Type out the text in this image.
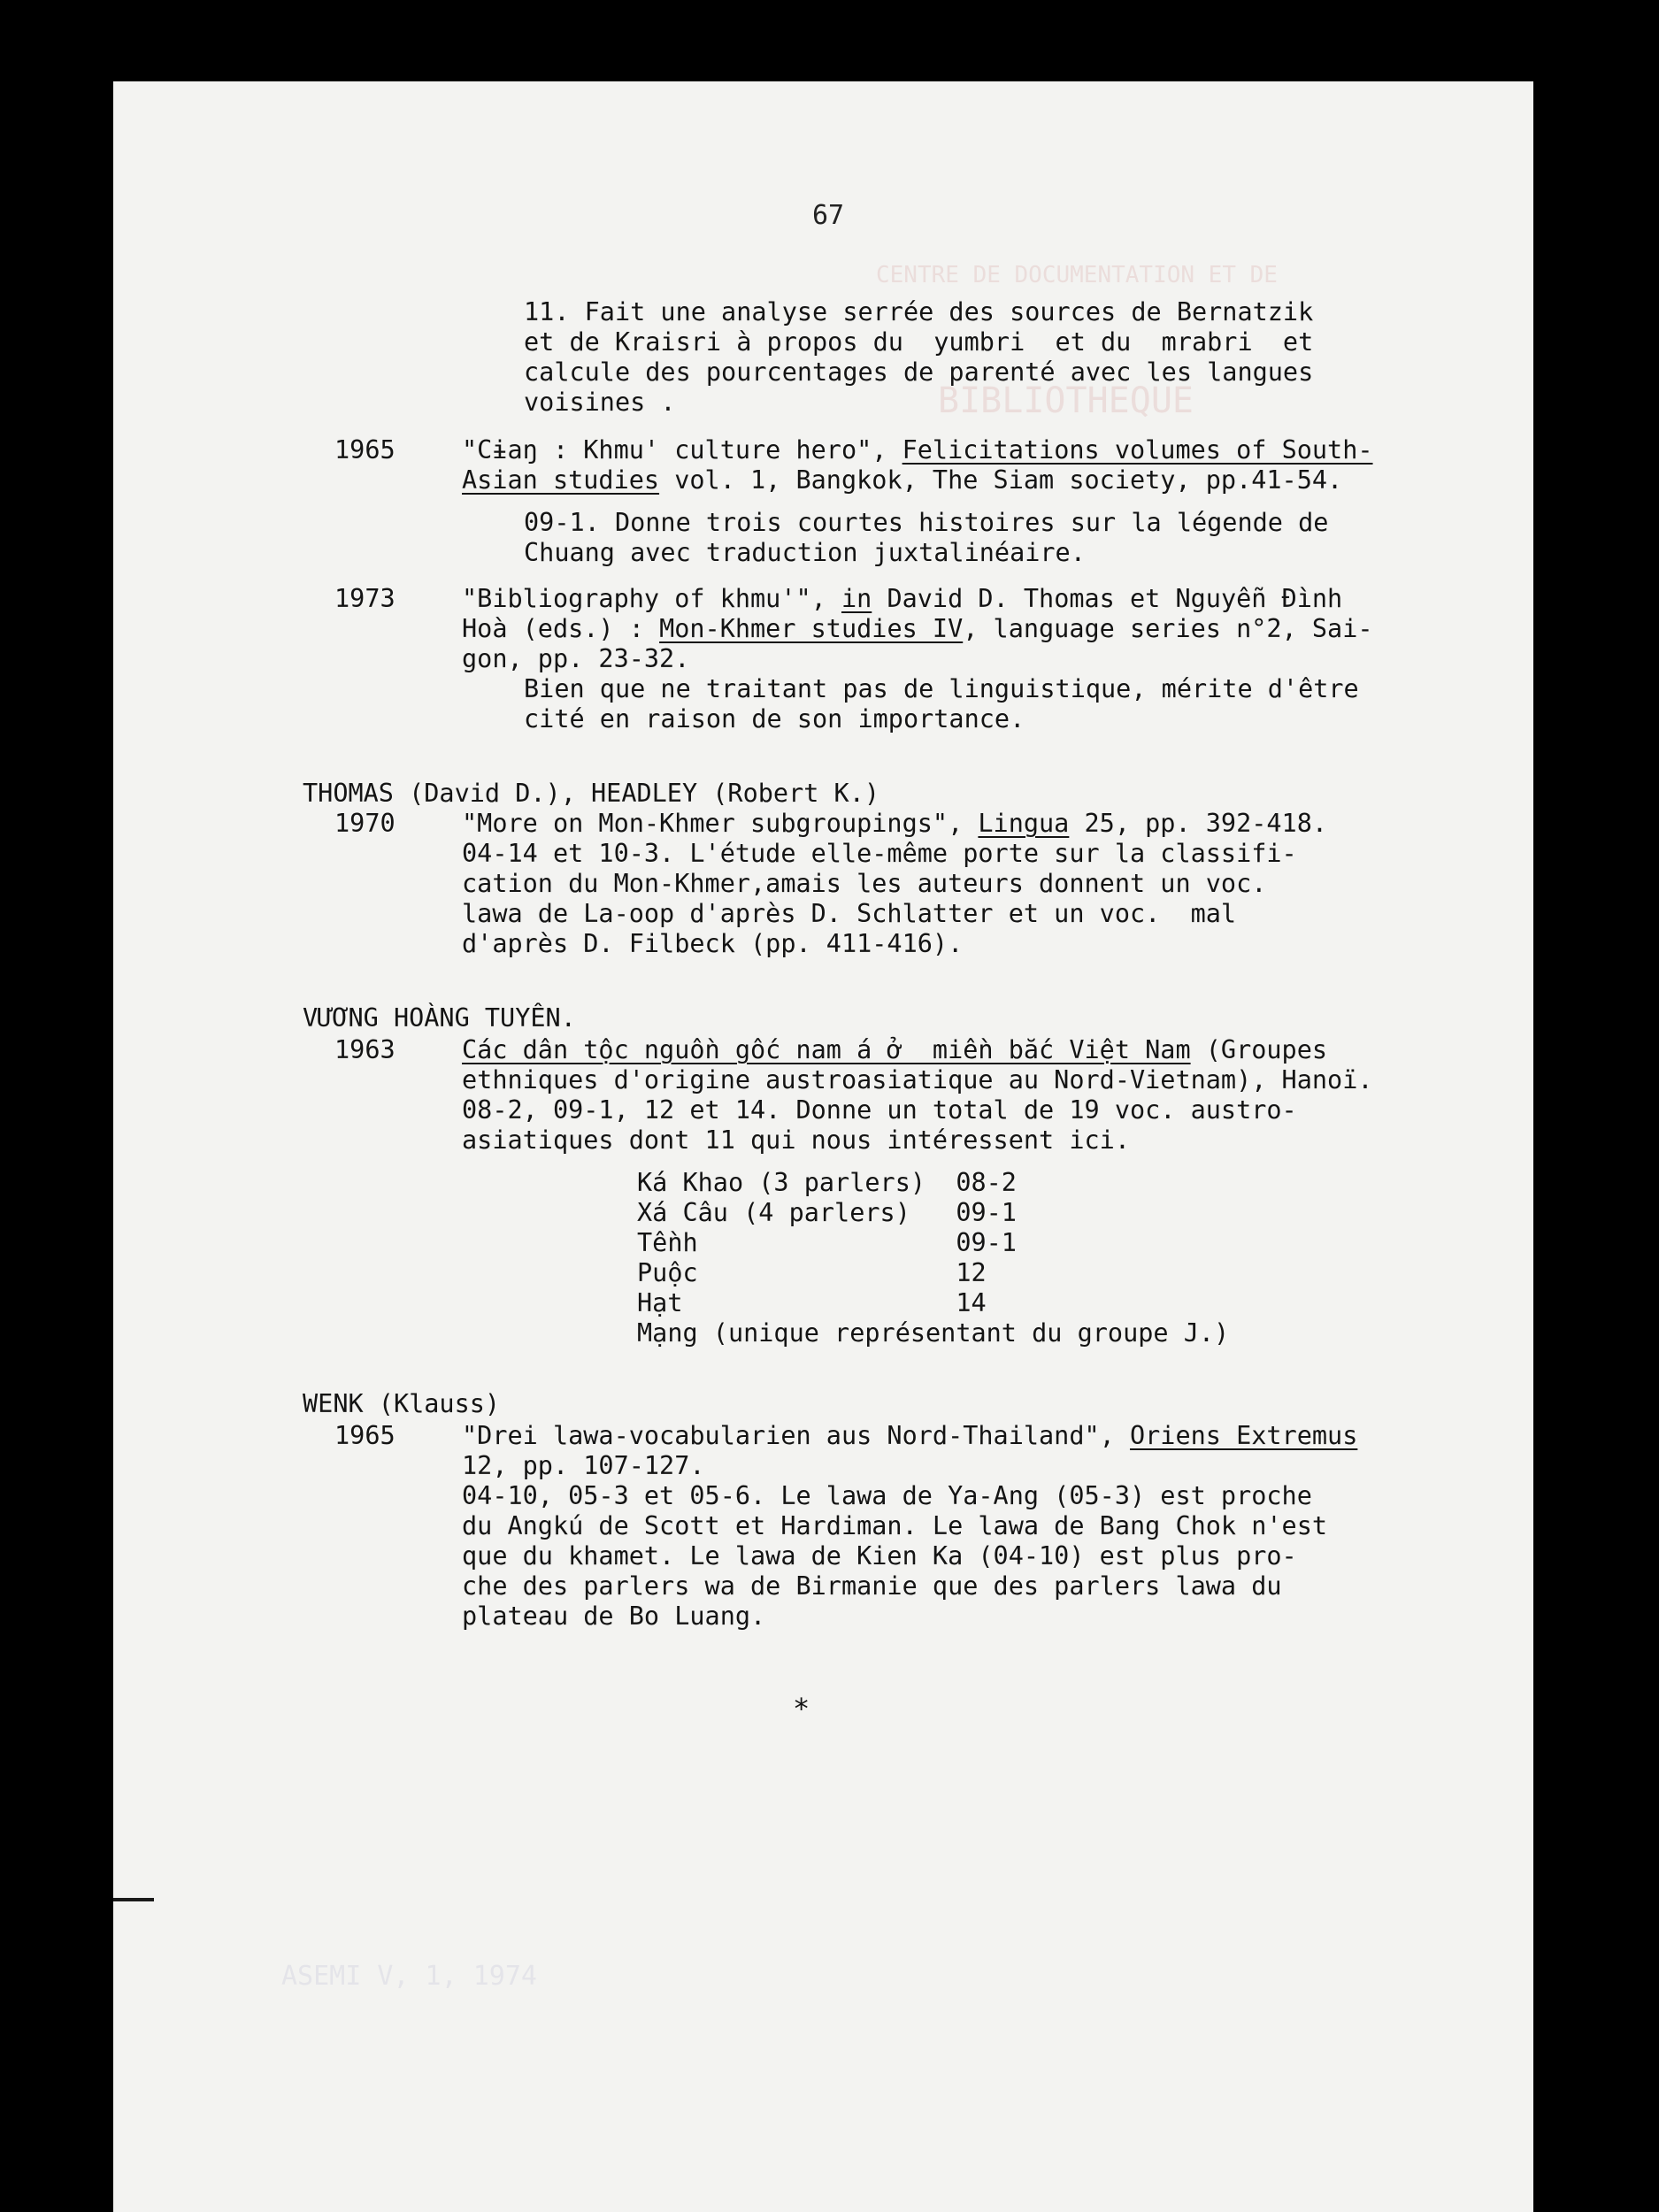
CENTRE DE DOCUMENTATION ET DE
BIBLIOTHEQUE
ASEMI V, 1, 1974
67
11. Fait une analyse serrée des sources de Bernatzik
et de Kraisri à propos du  yumbri  et du  mrabri  et
calcule des pourcentages de parenté avec les langues
voisines .
1965	"Cɨaŋ : Khmu' culture hero", Felicitations volumes of South-
Asian studies vol. 1, Bangkok, The Siam society, pp.41-54.
09-1. Donne trois courtes histoires sur la légende de
Chuang avec traduction juxtalinéaire.
1973	"Bibliography of khmu'", in David D. Thomas et Nguyễn Đình
Hoà (eds.) : Mon-Khmer studies IV, language series n°2, Sai-
gon, pp. 23-32.
Bien que ne traitant pas de linguistique, mérite d'être
cité en raison de son importance.
THOMAS (David D.), HEADLEY (Robert K.)
1970	"More on Mon-Khmer subgroupings", Lingua 25, pp. 392-418.
04-14 et 10-3. L'étude elle-même porte sur la classifi-
cation du Mon-Khmer,amais les auteurs donnent un voc.
lawa de La-oop d'après D. Schlatter et un voc.  mal
d'après D. Filbeck (pp. 411-416).
VƯƠNG HOÀNG TUYÊN.
1963	Các dân tộc nguồn gốc nam á ở  miền bắc Việt Nam (Groupes
ethniques d'origine austroasiatique au Nord-Vietnam), Hanoï.
08-2, 09-1, 12 et 14. Donne un total de 19 voc. austro-
asiatiques dont 11 qui nous intéressent ici.
Ká Khao (3 parlers)  08-2
Xá Câu (4 parlers)   09-1
Tềnh                 09-1
Puộc                 12
Hạt                  14
Mạng (unique représentant du groupe J.)
WENK (Klauss)
1965	"Drei lawa-vocabularien aus Nord-Thailand", Oriens Extremus
12, pp. 107-127.
04-10, 05-3 et 05-6. Le lawa de Ya-Ang (05-3) est proche
du Angkú de Scott et Hardiman. Le lawa de Bang Chok n'est
que du khamet. Le lawa de Kien Ka (04-10) est plus pro-
che des parlers wa de Birmanie que des parlers lawa du
plateau de Bo Luang.
*
